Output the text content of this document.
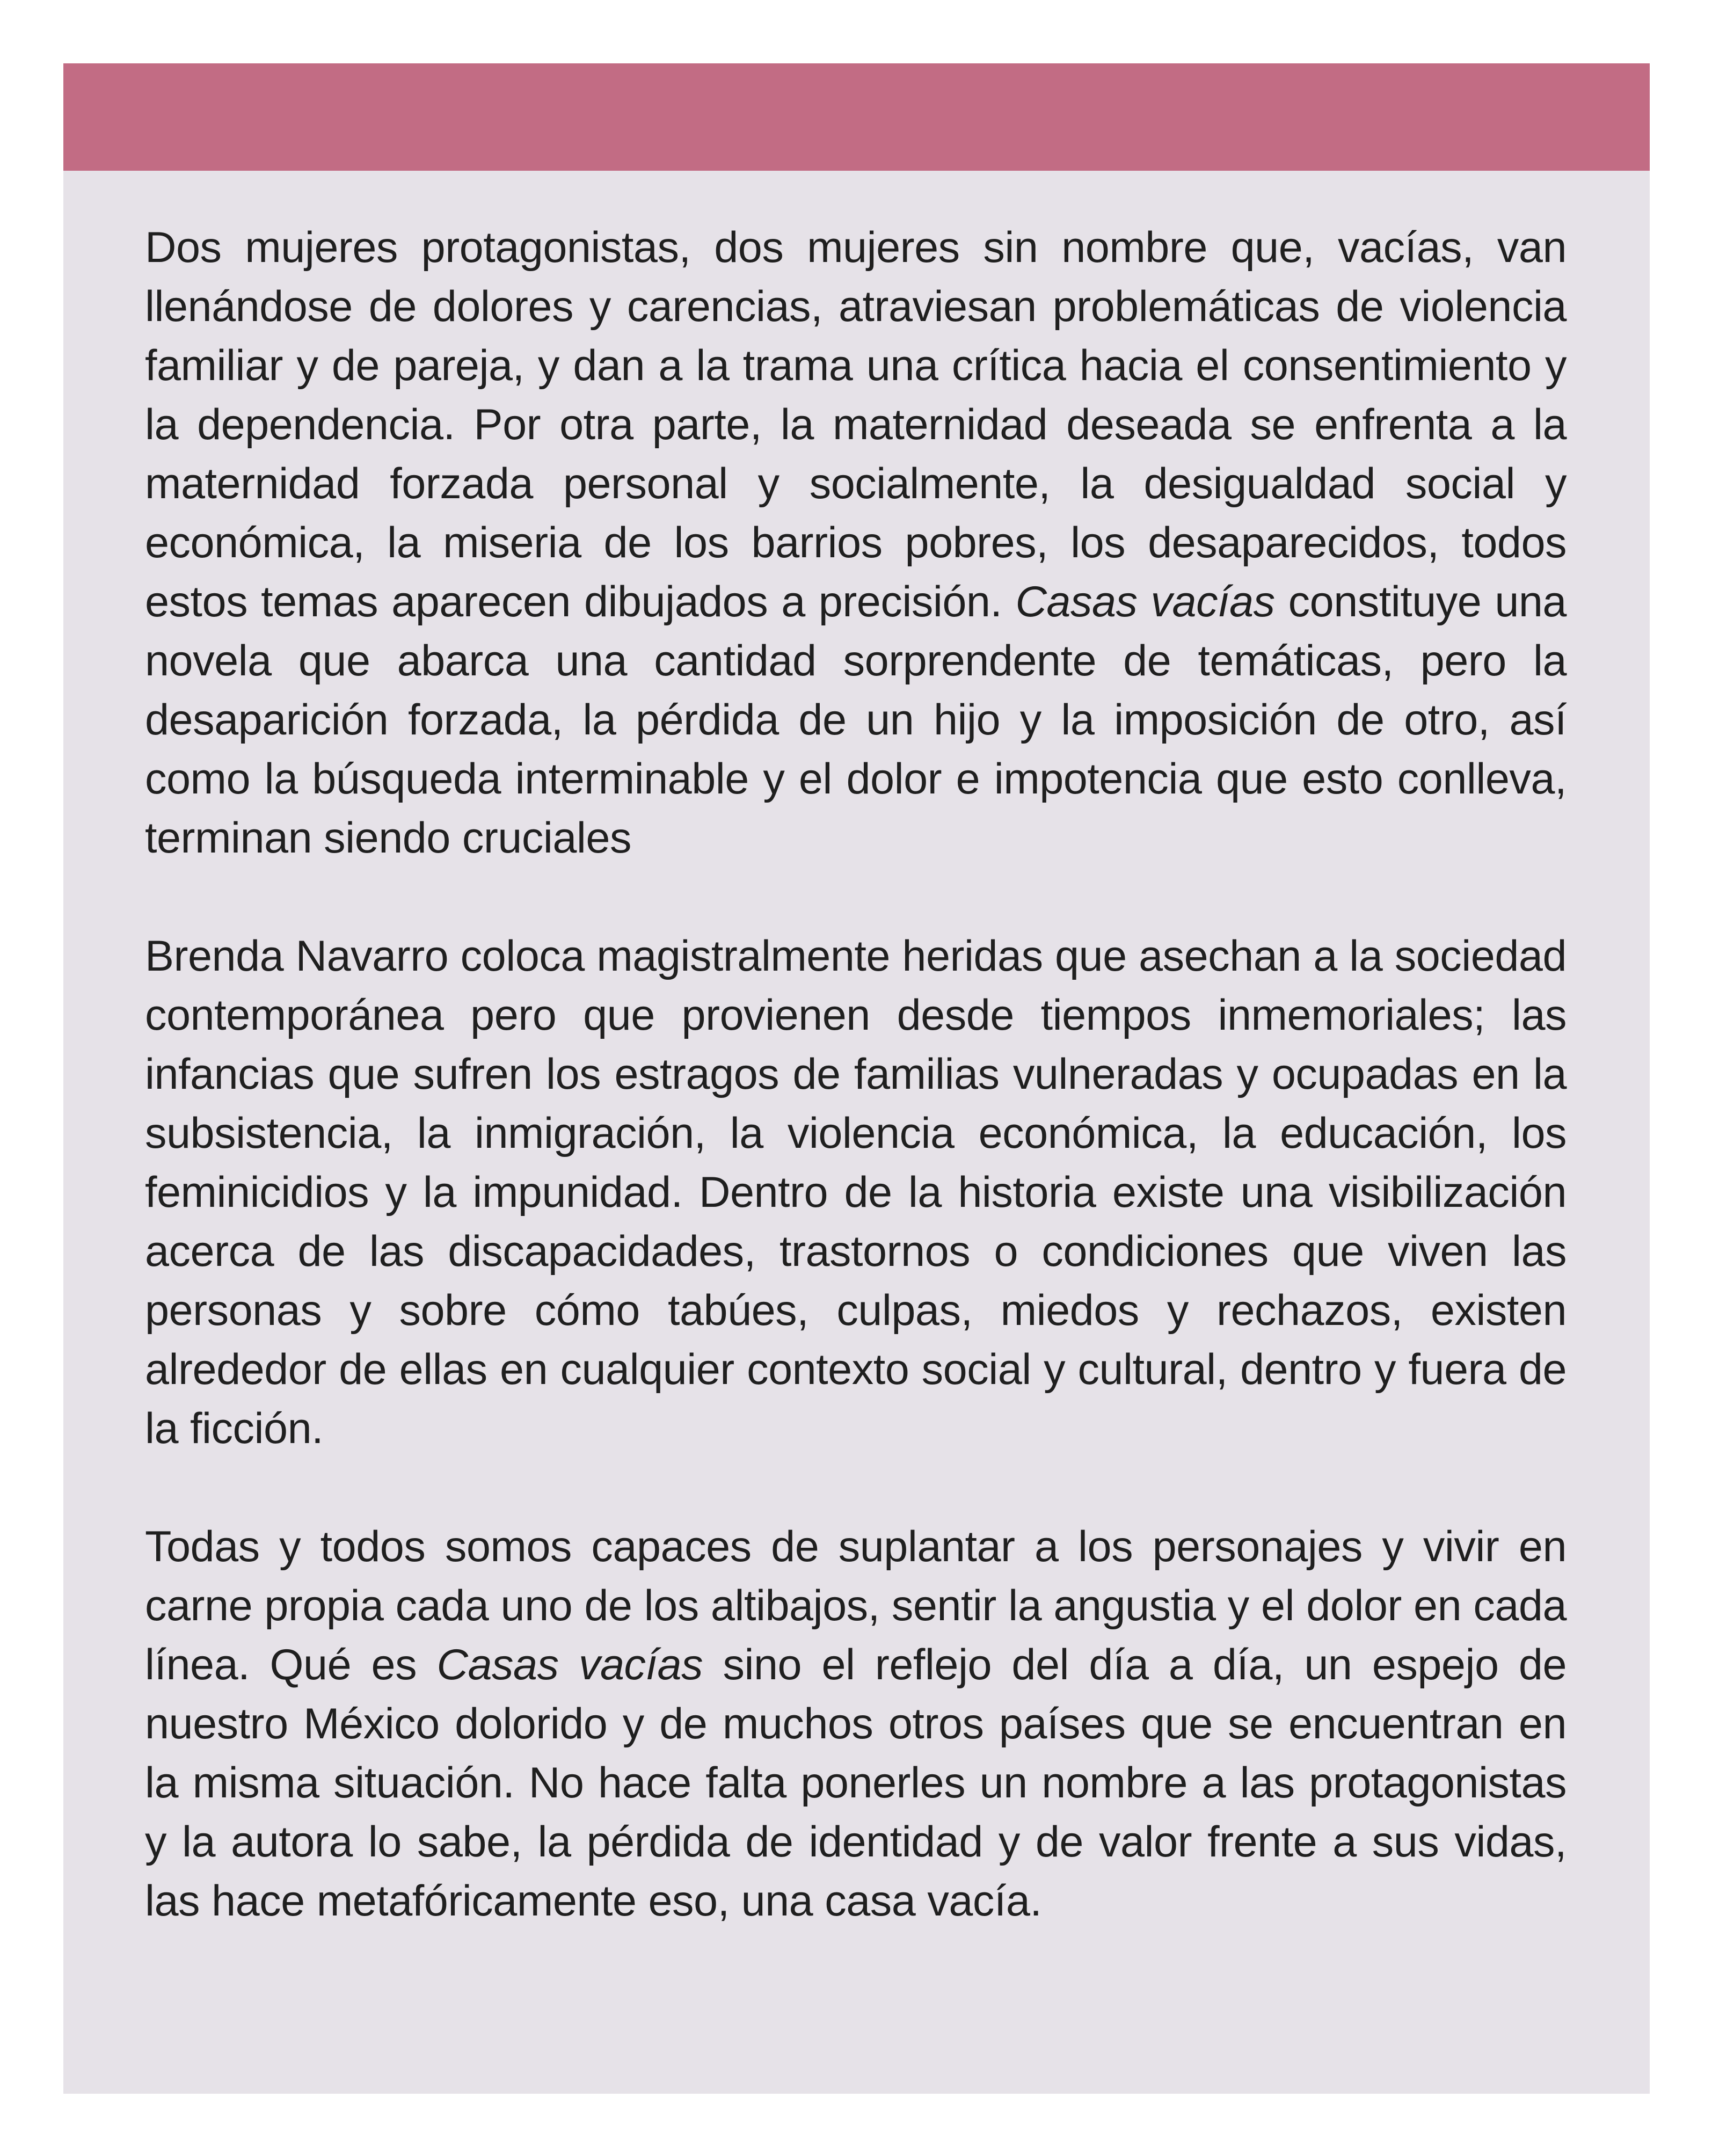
Dos mujeres protagonistas, dos mujeres sin nombre que, vacías, van llenándose de dolores y carencias, atraviesan problemáticas de violencia familiar y de pareja, y dan a la trama una crítica hacia el consentimiento y la dependencia. Por otra parte, la maternidad deseada se enfrenta a la maternidad forzada personal y socialmente, la desigualdad social y económica, la miseria de los barrios pobres, los desaparecidos, todos estos temas aparecen dibujados a precisión. Casas vacías constituye una novela que abarca una cantidad sorprendente de temáticas, pero la desaparición forzada, la pérdida de un hijo y la imposición de otro, así como la búsqueda interminable y el dolor e impotencia que esto conlleva, terminan siendo cruciales

Brenda Navarro coloca magistralmente heridas que asechan a la sociedad contemporánea pero que provienen desde tiempos inmemoriales; las infancias que sufren los estragos de familias vulneradas y ocupadas en la subsistencia, la inmigración, la violencia económica, la educación, los feminicidios y la impunidad. Dentro de la historia existe una visibilización acerca de las discapacidades, trastornos o condiciones que viven las personas y sobre cómo tabúes, culpas, miedos y rechazos, existen alrededor de ellas en cualquier contexto social y cultural, dentro y fuera de la ficción.

Todas y todos somos capaces de suplantar a los personajes y vivir en carne propia cada uno de los altibajos, sentir la angustia y el dolor en cada línea. Qué es Casas vacías sino el reflejo del día a día, un espejo de nuestro México dolorido y de muchos otros países que se encuentran en la misma situación. No hace falta ponerles un nombre a las protagonistas y la autora lo sabe, la pérdida de identidad y de valor frente a sus vidas, las hace metafóricamente eso, una casa vacía.
